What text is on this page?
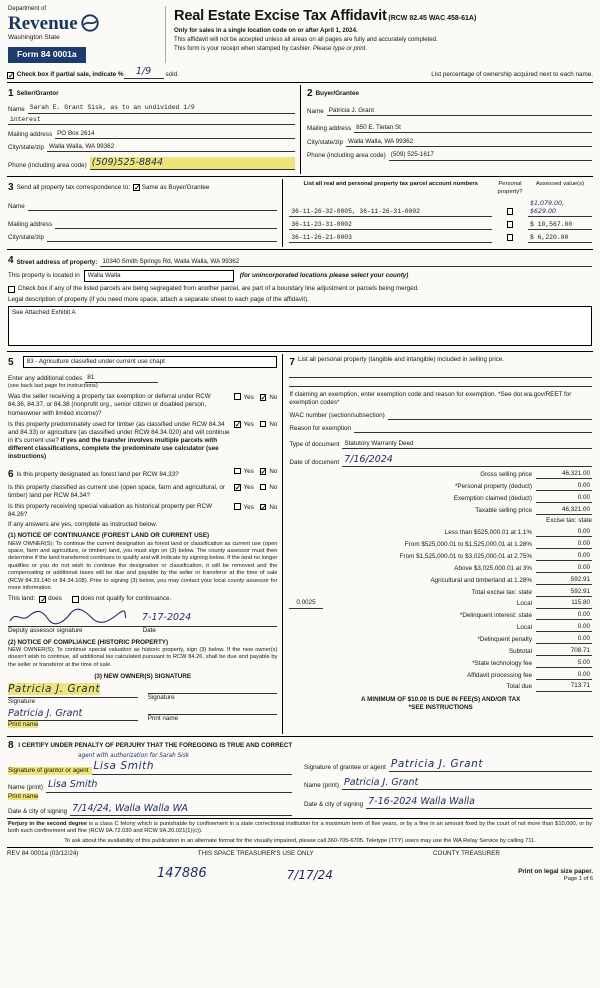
Department of
Revenue
Washington State
Form 84 0001a
Real Estate Excise Tax Affidavit (RCW 82.45 WAC 458-61A)
Only for sales in a single location code on or after April 1, 2024.
This affidavit will not be accepted unless all areas on all pages are fully and accurately completed.
This form is your receipt when stamped by cashier. Please type or print.
✓ Check box if partial sale, indicate %	1/9	sold.	List percentage of ownership acquired next to each name.
1 Seller/Grantor
Name Sarah E. Grant Sisk, as to an undivided 1/9
interest
Mailing address PO Box 2614
City/state/zip Walla Walla, WA 99362
Phone (including area code) (509)525-8844
2 Buyer/Grantee
Name Patricia J. Grant
Mailing address 850 E. Tietan St
City/state/zip Walla Walla, WA 99362
Phone (including area code) (509) 525-1617
3 Send all property tax correspondence to: ✓ Same as Buyer/Grantee
Name
Mailing address
City/state/zip
List all real and personal property tax parcel account numbers	Personal property?
Assessed value(s)
36-11-26-32-0005, 36-11-26-31-0002
$1,079.00, $629.00
36-11-23-31-0002	$ 10,567.00
36-11-26-21-0003	$ 6,220.00
4 Street address of property: 10340 Smith Springs Rd, Walla Walla, WA 99362
This property is located in	Walla Walla	(for unincorporated locations please select your county)
Check box if any of the listed parcels are being segregated from another parcel, are part of a boundary line adjustment or parcels being merged.
Legal description of property (if you need more space, attach a separate sheet to each page of the affidavit).
See Attached Exhibit A
5	83 - Agriculture classified under current use chapt
Enter any additional codes 81
(see back last page for instructions)
Was the seller receiving a property tax exemption or deferral under RCW 84.36, 84.37, or 84.38 (nonprofit org., senior citizen or disabled person, homeowner with limited income)?
Yes ✓ No
Is this property predominately used for timber (as classified under RCW 84.34 and 84.33) or agriculture (as classified under RCW 84.34.020) and will continue in it's current use? If yes and the transfer involves multiple parcels with different classifications, complete the predominate use calculator (see instructions)
✓ Yes No
6 Is this property designated as forest land per RCW 84.33?	Yes ✓ No
Is this property classified as current use (open space, farm and agricultural, or timber) land per RCW 84.34?
✓ Yes No
Is this property receiving special valuation as historical property per RCW 84.26?
Yes ✓ No
If any answers are yes, complete as instructed below.
(1) NOTICE OF CONTINUANCE (FOREST LAND OR CURRENT USE)
NEW OWNER(S): To continue the current designation as forest land or classification as current use (open space, farm and agriculture, or timber) land, you must sign on (3) below. The county assessor must then determine if the land transferred continues to qualify and will indicate by signing below. If the land no longer qualifies or you do not wish to continue the designation or classification, it will be removed and the compensating or additional taxes will be due and payable by the seller or transferor at the time of sale (RCW 84.33.140 or 84.34.108). Prior to signing (3) below, you may contact your local county assessor for more information.
This land: ✓ does	does not qualify for continuance.
7-17-2024
Deputy assessor signature	Date
(2) NOTICE OF COMPLIANCE (HISTORIC PROPERTY)
NEW OWNER(S): To continue special valuation as historic property, sign (3) below. If the new owner(s) doesn't wish to continue, all additional tax calculated pursuant to RCW 84.26, shall be due and payable by the seller or transferor at the time of sale.
(3) NEW OWNER(S) SIGNATURE
Patricia J. Grant
Signature
Patricia J. Grant
Print name
Signature
Print name
7 List all personal property (tangible and intangible) included in selling price.
If claiming an exemption, enter exemption code and reason for exemption. *See dor.wa.gov/REET for exemption codes*
WAC number (section/subsection)
Reason for exemption
Type of document Statutory Warranty Deed
Date of document 7/16/2024
Gross selling price	46,321.00
*Personal property (deduct)	0.00
Exemption claimed (deduct)	0.00
Taxable selling price	46,321.00
Excise tax: state
Less than $525,000.01 at 1.1%	0.00
From $525,000.01 to $1,525,000.01 at 1.28%	0.00
From $1,525,000.01 to $3,025,000.01 at 2.75%	0.00
Above $3,025,000.01 at 3%	0.00
Agricultural and timberland at 1.28%	592.91
Total excise tax: state	592.91
0.0025	Local	115.80
*Delinquent interest: state	0.00
Local	0.00
*Delinquent penalty	0.00
Subtotal	708.71
*State technology fee	5.00
Affidavit processing fee	0.00
Total due	713.71
A MINIMUM OF $10.00 IS DUE IN FEE(S) AND/OR TAX
*SEE INSTRUCTIONS
8 I CERTIFY UNDER PENALTY OF PERJURY THAT THE FOREGOING IS TRUE AND CORRECT
agent with authorization for Sarah Sisk
Signature of grantor or agent Lisa Smith
Name (print) Lisa Smith
Print name
Date & city of signing 7/14/24, Walla Walla WA
Signature of grantee or agent Patricia J. Grant
Name (print) Patricia J. Grant
Date & city of signing 7-16-2024 Walla Walla
Perjury in the second degree is a class C felony which is punishable by confinement in a state correctional institution for a maximum term of five years, or by a fine in an amount fixed by the court of not more than $10,000, or by both such confinement and fine (RCW 9A.72.030 and RCW 9A.20.021(1)(c)).
To ask about the availability of this publication in an alternate format for the visually impaired, please call 360-705-6705. Teletype (TTY) users may use the WA Relay Service by calling 711.
REV 84 0001a (03/12/24)	THIS SPACE TREASURER'S USE ONLY	COUNTY TREASURER
147886	7/17/24	Print on legal size paper.
Page 1 of 6
